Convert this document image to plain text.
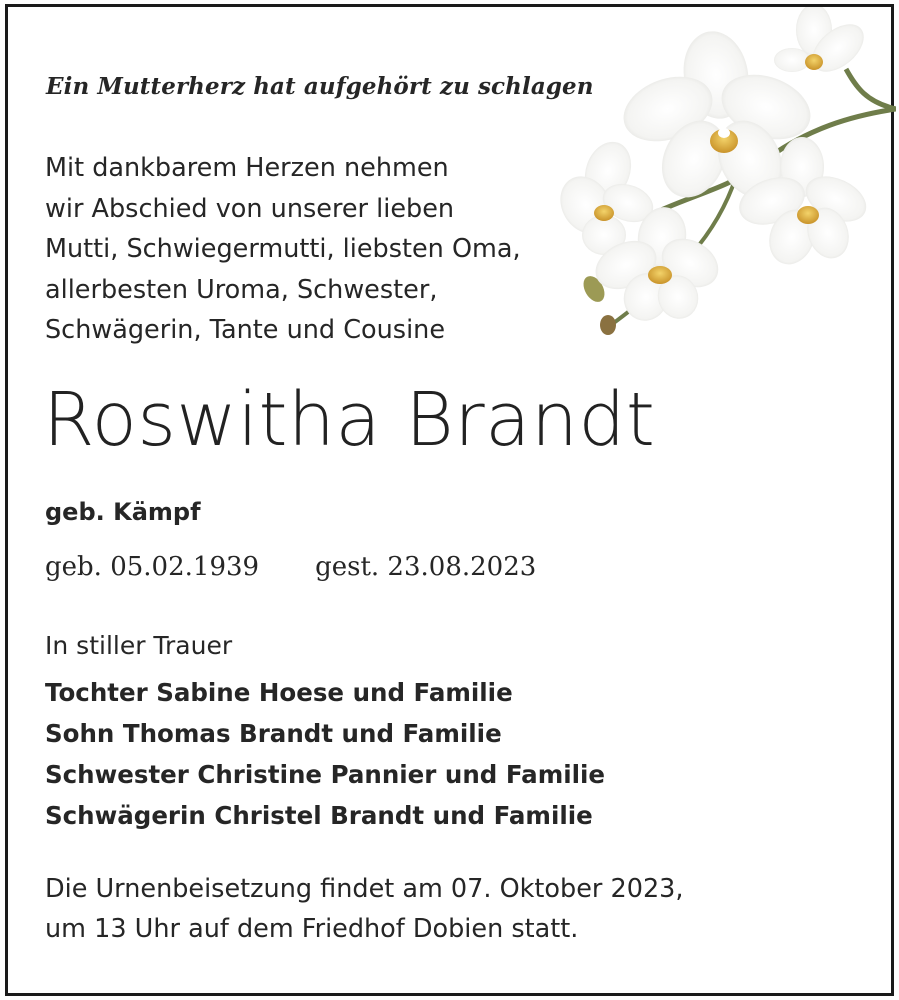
Ein Mutterherz hat aufgehört zu schlagen
Mit dankbarem Herzen nehmen
wir Abschied von unserer lieben
Mutti, Schwiegermutti, liebsten Oma,
allerbesten Uroma, Schwester,
Schwägerin, Tante und Cousine
Roswitha Brandt
geb. Kämpf
geb. 05.02.1939 gest. 23.08.2023
In stiller Trauer
Tochter Sabine Hoese und Familie
Sohn Thomas Brandt und Familie
Schwester Christine Pannier und Familie
Schwägerin Christel Brandt und Familie
Die Urnenbeisetzung findet am 07. Oktober 2023,
um 13 Uhr auf dem Friedhof Dobien statt.
